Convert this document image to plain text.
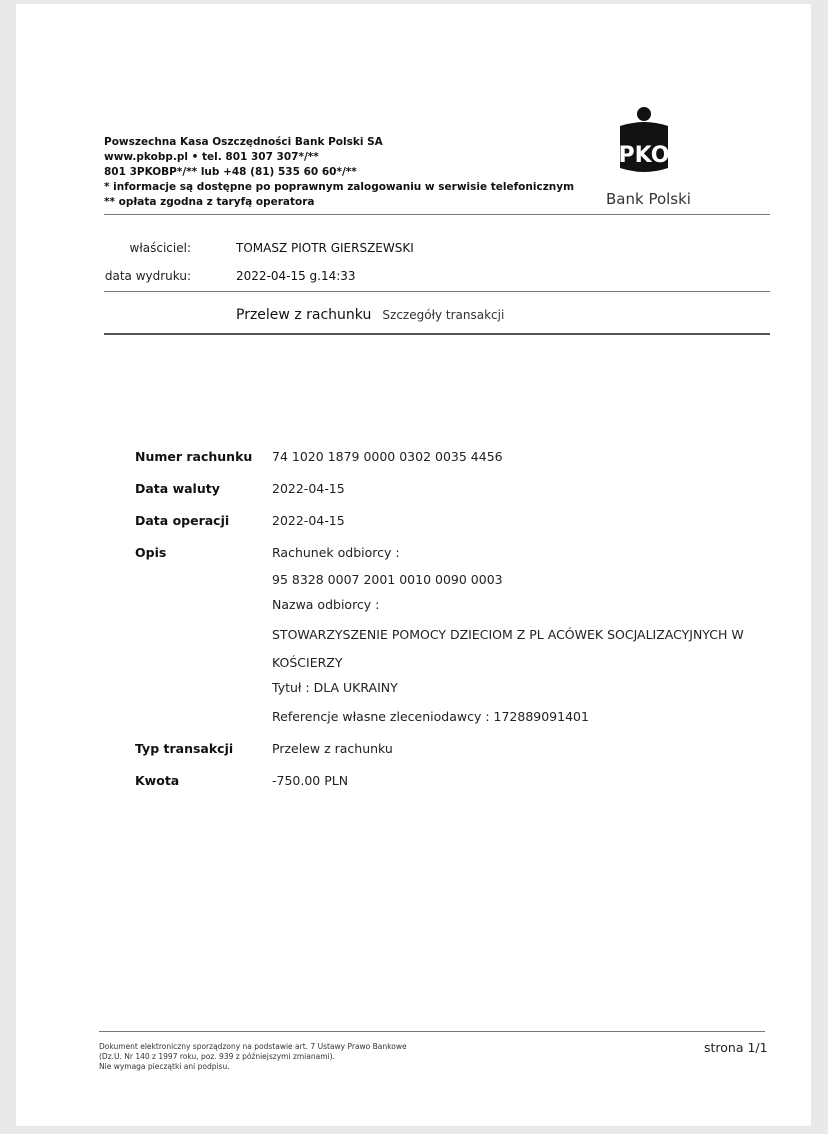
Powszechna Kasa Oszczędności Bank Polski SA
www.pkobp.pl • tel. 801 307 307*/**
801 3PKOBP*/** lub +48 (81) 535 60 60*/**
* informacje są dostępne po poprawnym zalogowaniu w serwisie telefonicznym
** opłata zgodna z taryfą operatora
PKO
Bank Polski
właściciel:	TOMASZ PIOTR GIERSZEWSKI
data wydruku:	2022-04-15 g.14:33
Przelew z rachunku Szczegóły transakcji
Numer rachunku 74 1020 1879 0000 0302 0035 4456
Data waluty	2022-04-15
Data operacji	2022-04-15
Opis	Rachunek odbiorcy :
95 8328 0007 2001 0010 0090 0003
Nazwa odbiorcy :
STOWARZYSZENIE POMOCY DZIECIOM Z PL ACÓWEK SOCJALIZACYJNYCH W
KOŚCIERZY
Tytuł : DLA UKRAINY
Referencje własne zleceniodawcy : 172889091401
Typ transakcji	Przelew z rachunku
Kwota	-750.00 PLN
Dokument elektroniczny sporządzony na podstawie art. 7 Ustawy Prawo Bankowe
(Dz.U. Nr 140 z 1997 roku, poz. 939 z późniejszymi zmianami).
Nie wymaga pieczątki ani podpisu.
strona 1/1
